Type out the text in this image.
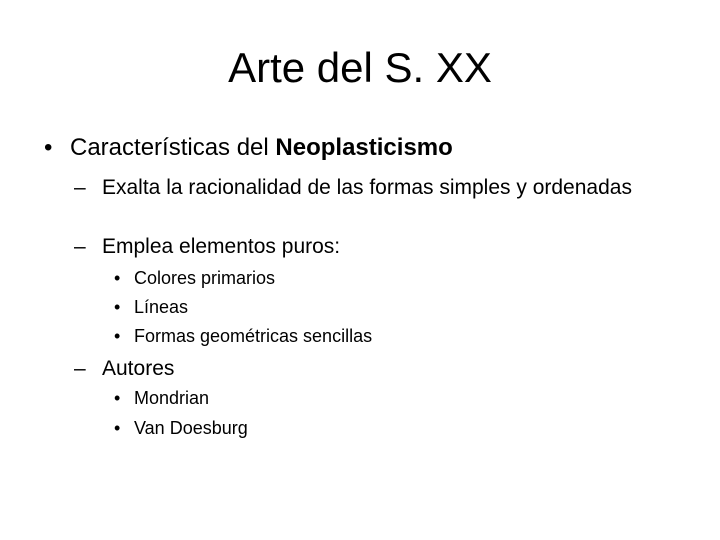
Arte del S. XX
• Características del Neoplasticismo
– Exalta la racionalidad de las formas simples y ordenadas
– Emplea elementos puros:
• Colores primarios
• Líneas
• Formas geométricas sencillas
– Autores
• Mondrian
• Van Doesburg
